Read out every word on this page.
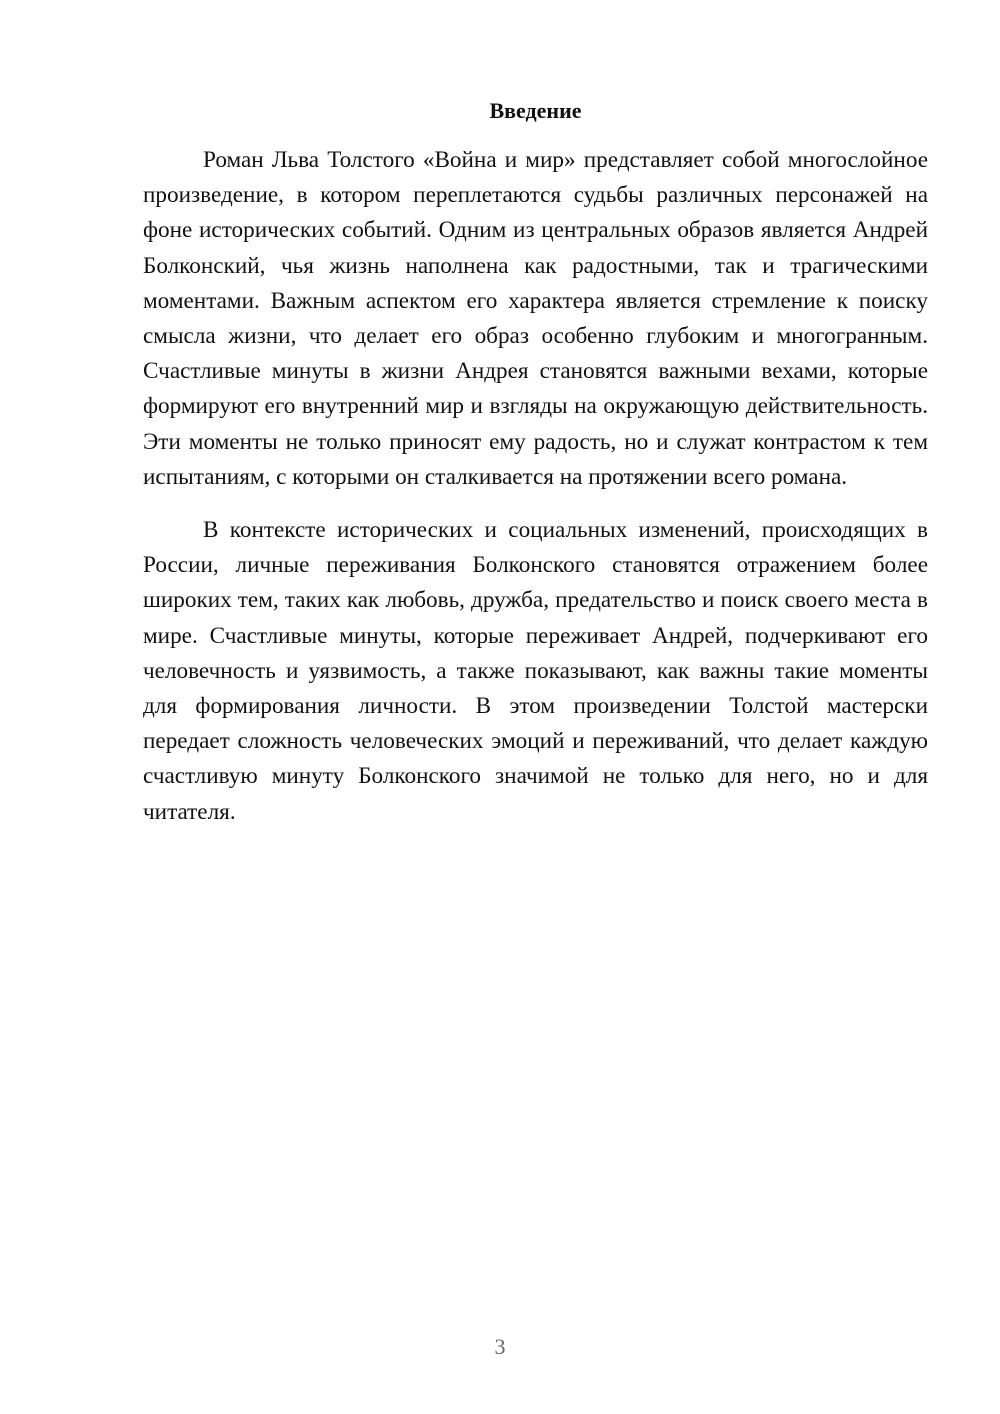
Введение

Роман Льва Толстого «Война и мир» представляет собой многослойное произведение, в котором переплетаются судьбы различных персонажей на фоне исторических событий. Одним из центральных образов является Андрей Болконский, чья жизнь наполнена как радостными, так и трагическими моментами. Важным аспектом его характера является стремление к поиску смысла жизни, что делает его образ особенно глубоким и многогранным. Счастливые минуты в жизни Андрея становятся важными вехами, которые формируют его внутренний мир и взгляды на окружающую действительность. Эти моменты не только приносят ему радость, но и служат контрастом к тем испытаниям, с которыми он сталкивается на протяжении всего романа.

В контексте исторических и социальных изменений, происходящих в России, личные переживания Болконского становятся отражением более широких тем, таких как любовь, дружба, предательство и поиск своего места в мире. Счастливые минуты, которые переживает Андрей, подчеркивают его человечность и уязвимость, а также показывают, как важны такие моменты для формирования личности. В этом произведении Толстой мастерски передает сложность человеческих эмоций и переживаний, что делает каждую счастливую минуту Болконского значимой не только для него, но и для читателя.

3
